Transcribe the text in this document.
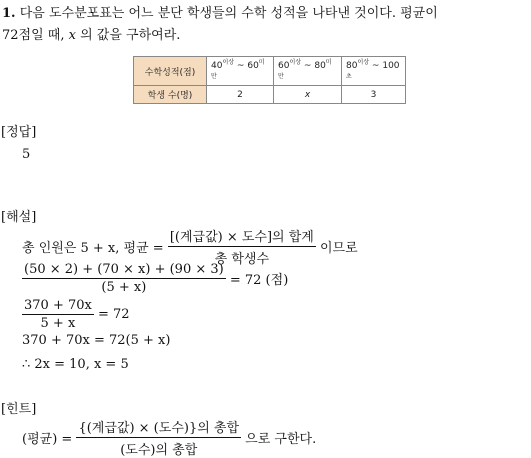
1. 다음 도수분포표는 어느 분단 학생들의 수학 성적을 나타낸 것이다. 평균이
72점일 때, x 의 값을 구하여라.
수학성적(점)	$40^{이상}$ ~ $60^{미만}$	$60^{이상}$ ~ $80^{미만}$	$80^{이상}$ ~ $100^초$
학생 수(명)	2	x	3
[정답]
5
[해설]
총 인원은 5 + x, 평균 = $\frac{\text{[(계급값) × 도수]의 합계}}{\text{총 학생수}}$ 이므로
$\frac{(50 \times 2) + (70 \times x) + (90 \times 3)}{(5 + x)} = 72$ (점)
$\frac{370 + 70x}{5 + x} = 72$
370 + 70x = 72(5 + x)
∴ 2x = 10, x = 5
[힌트]
(평균) = $\frac{\text{\{(계급값) × (도수)\}의 총합}}{\text{(도수)의 총합}}$ 으로 구한다.
